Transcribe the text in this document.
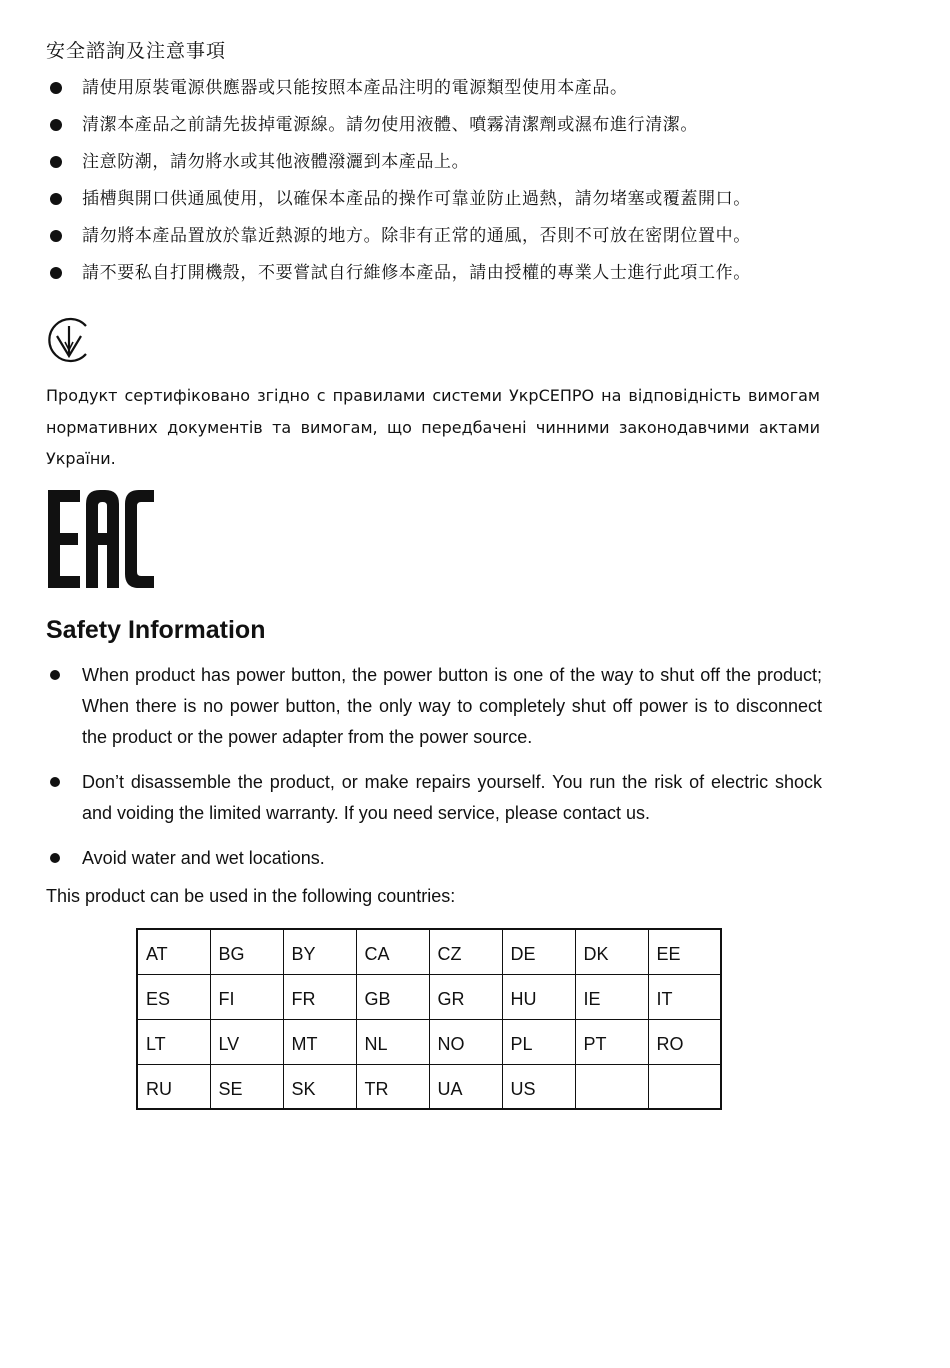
安全諮詢及注意事項
請使用原裝電源供應器或只能按照本產品注明的電源類型使用本產品。
清潔本產品之前請先拔掉電源線。請勿使用液體、噴霧清潔劑或濕布進行清潔。
注意防潮，請勿將水或其他液體潑灑到本產品上。
插槽與開口供通風使用，以確保本產品的操作可靠並防止過熱，請勿堵塞或覆蓋開口。
請勿將本產品置放於靠近熱源的地方。除非有正常的通風，否則不可放在密閉位置中。
請不要私自打開機殼，不要嘗試自行維修本產品，請由授權的專業人士進行此項工作。
Продукт сертифіковано згідно с правилами системи УкрСЕПРО на відповідність вимогам нормативних документів та вимогам, що передбачені чинними законодавчими актами України.
Safety Information
When product has power button, the power button is one of the way to shut off the product; When there is no power button, the only way to completely shut off power is to disconnect the product or the power adapter from the power source.
Don’t disassemble the product, or make repairs yourself. You run the risk of electric shock and voiding the limited warranty. If you need service, please contact us.
Avoid water and wet locations.
This product can be used in the following countries:
AT	BG	BY	CA	CZ	DE	DK	EE
ES	FI	FR	GB	GR	HU	IE	IT
LT	LV	MT	NL	NO	PL	PT	RO
RU	SE	SK	TR	UA	US		
